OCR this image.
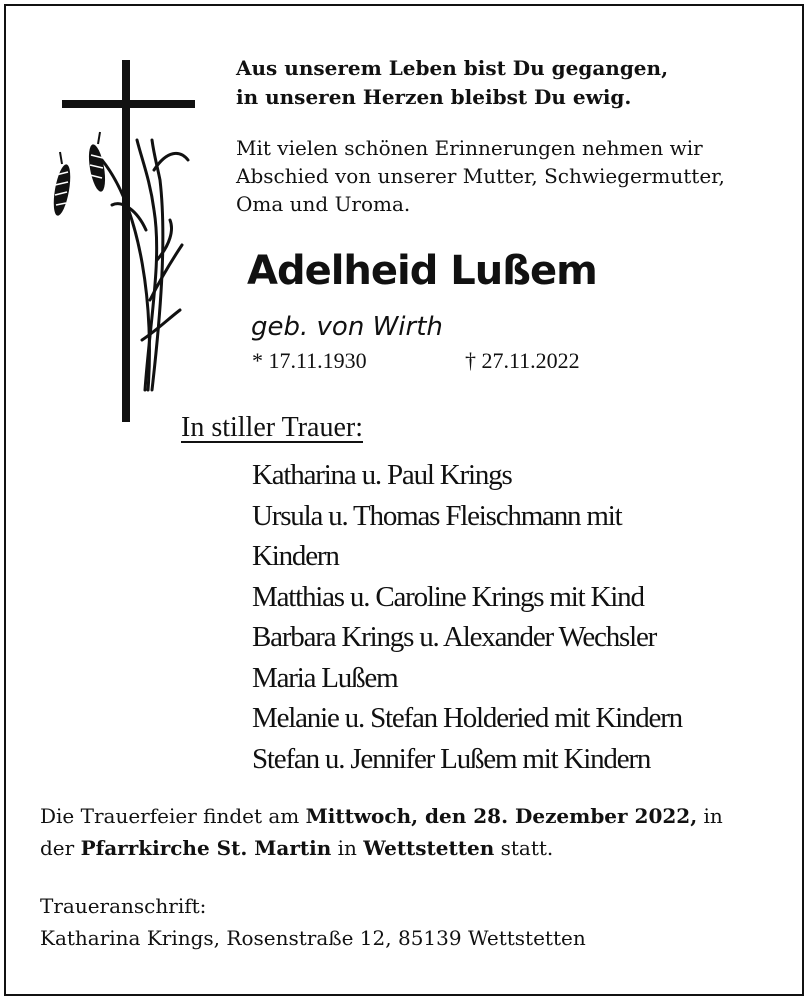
Aus unserem Leben bist Du gegangen,
in unseren Herzen bleibst Du ewig.
Mit vielen schönen Erinnerungen nehmen wir
Abschied von unserer Mutter, Schwiegermutter,
Oma und Uroma.
Adelheid Lußem
geb. von Wirth
* 17.11.1930	† 27.11.2022
In stiller Trauer:
Katharina u. Paul Krings
Ursula u. Thomas Fleischmann mit
Kindern
Matthias u. Caroline Krings mit Kind
Barbara Krings u. Alexander Wechsler
Maria Lußem
Melanie u. Stefan Holderied mit Kindern
Stefan u. Jennifer Lußem mit Kindern
Die Trauerfeier findet am Mittwoch, den 28. Dezember 2022, in
der Pfarrkirche St. Martin in Wettstetten statt.
Traueranschrift:
Katharina Krings, Rosenstraße 12, 85139 Wettstetten
